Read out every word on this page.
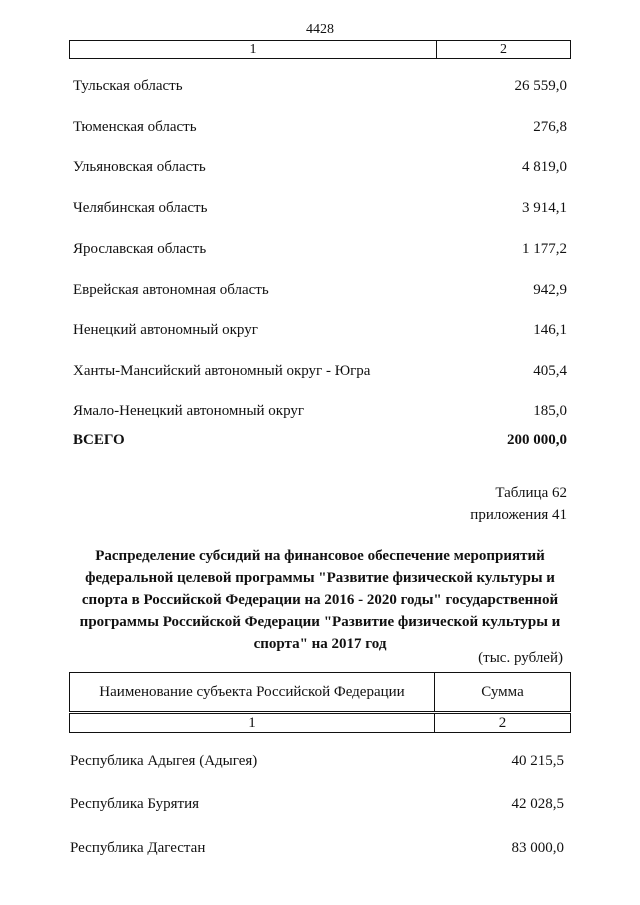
4428
1	2
Тульская область	26 559,0
Тюменская область	276,8
Ульяновская область	4 819,0
Челябинская область	3 914,1
Ярославская область	1 177,2
Еврейская автономная область	942,9
Ненецкий автономный округ	146,1
Ханты-Мансийский автономный округ - Югра	405,4
Ямало-Ненецкий автономный округ	185,0
ВСЕГО	200 000,0
Таблица 62
приложения 41
Распределение субсидий на финансовое обеспечение мероприятий
федеральной целевой программы "Развитие физической культуры и
спорта в Российской Федерации на 2016 - 2020 годы" государственной
программы Российской Федерации "Развитие физической культуры и
спорта" на 2017 год
(тыс. рублей)
Наименование субъекта Российской Федерации	Сумма
1	2
Республика Адыгея (Адыгея)	40 215,5
Республика Бурятия	42 028,5
Республика Дагестан	83 000,0
